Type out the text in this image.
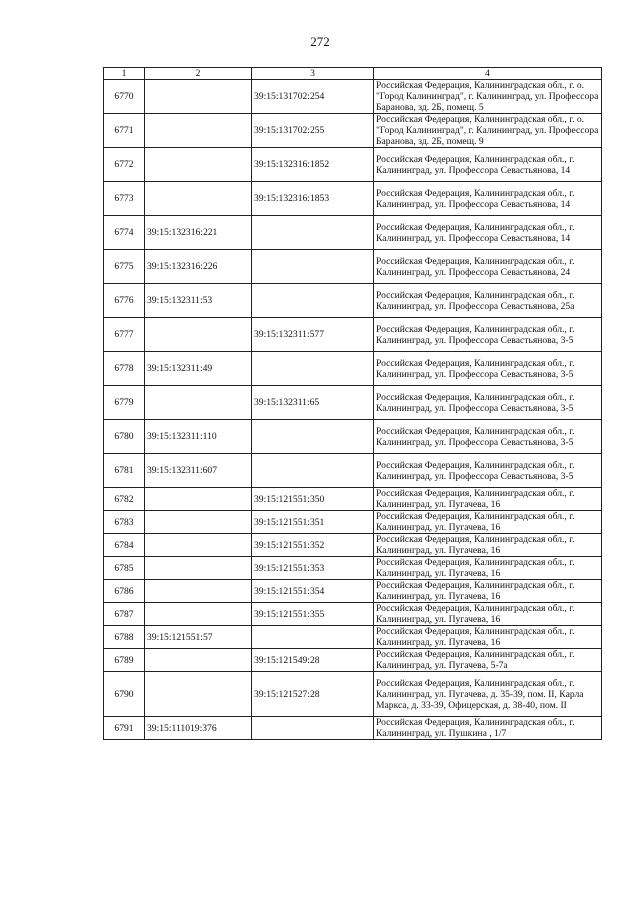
272
1	2	3	4
6770		39:15:131702:254	Российская Федерация, Калининградская обл., г. о. "Город Калининград", г. Калининград, ул. Профессора Баранова, зд. 2Б, помещ. 5
6771		39:15:131702:255	Российская Федерация, Калининградская обл., г. о. "Город Калининград", г. Калининград, ул. Профессора Баранова, зд. 2Б, помещ. 9
6772		39:15:132316:1852	Российская Федерация, Калининградская обл., г. Калининград, ул. Профессора Севастьянова, 14
6773		39:15:132316:1853	Российская Федерация, Калининградская обл., г. Калининград, ул. Профессора Севастьянова, 14
6774	39:15:132316:221		Российская Федерация, Калининградская обл., г. Калининград, ул. Профессора Севастьянова, 14
6775	39:15:132316:226		Российская Федерация, Калининградская обл., г. Калининград, ул. Профессора Севастьянова, 24
6776	39:15:132311:53		Российская Федерация, Калининградская обл., г. Калининград, ул. Профессора Севастьянова, 25а
6777		39:15:132311:577	Российская Федерация, Калининградская обл., г. Калининград, ул. Профессора Севастьянова, 3-5
6778	39:15:132311:49		Российская Федерация, Калининградская обл., г. Калининград, ул. Профессора Севастьянова, 3-5
6779		39:15:132311:65	Российская Федерация, Калининградская обл., г. Калининград, ул. Профессора Севастьянова, 3-5
6780	39:15:132311:110		Российская Федерация, Калининградская обл., г. Калининград, ул. Профессора Севастьянова, 3-5
6781	39:15:132311:607		Российская Федерация, Калининградская обл., г. Калининград, ул. Профессора Севастьянова, 3-5
6782		39:15:121551:350	Российская Федерация, Калининградская обл., г. Калининград, ул. Пугачева, 16
6783		39:15:121551:351	Российская Федерация, Калининградская обл., г. Калининград, ул. Пугачева, 16
6784		39:15:121551:352	Российская Федерация, Калининградская обл., г. Калининград, ул. Пугачева, 16
6785		39:15:121551:353	Российская Федерация, Калининградская обл., г. Калининград, ул. Пугачева, 16
6786		39:15:121551:354	Российская Федерация, Калининградская обл., г. Калининград, ул. Пугачева, 16
6787		39:15:121551:355	Российская Федерация, Калининградская обл., г. Калининград, ул. Пугачева, 16
6788	39:15:121551:57		Российская Федерация, Калининградская обл., г. Калининград, ул. Пугачева, 16
6789		39:15:121549:28	Российская Федерация, Калининградская обл., г. Калининград, ул. Пугачева, 5-7а
6790		39:15:121527:28	Российская Федерация, Калининградская обл., г. Калининград, ул. Пугачева, д. 35-39, пом. II, Карла Маркса, д. 33-39, Офицерская, д. 38-40, пом. II
6791	39:15:111019:376		Российская Федерация, Калининградская обл., г. Калининград, ул. Пушкина , 1/7
